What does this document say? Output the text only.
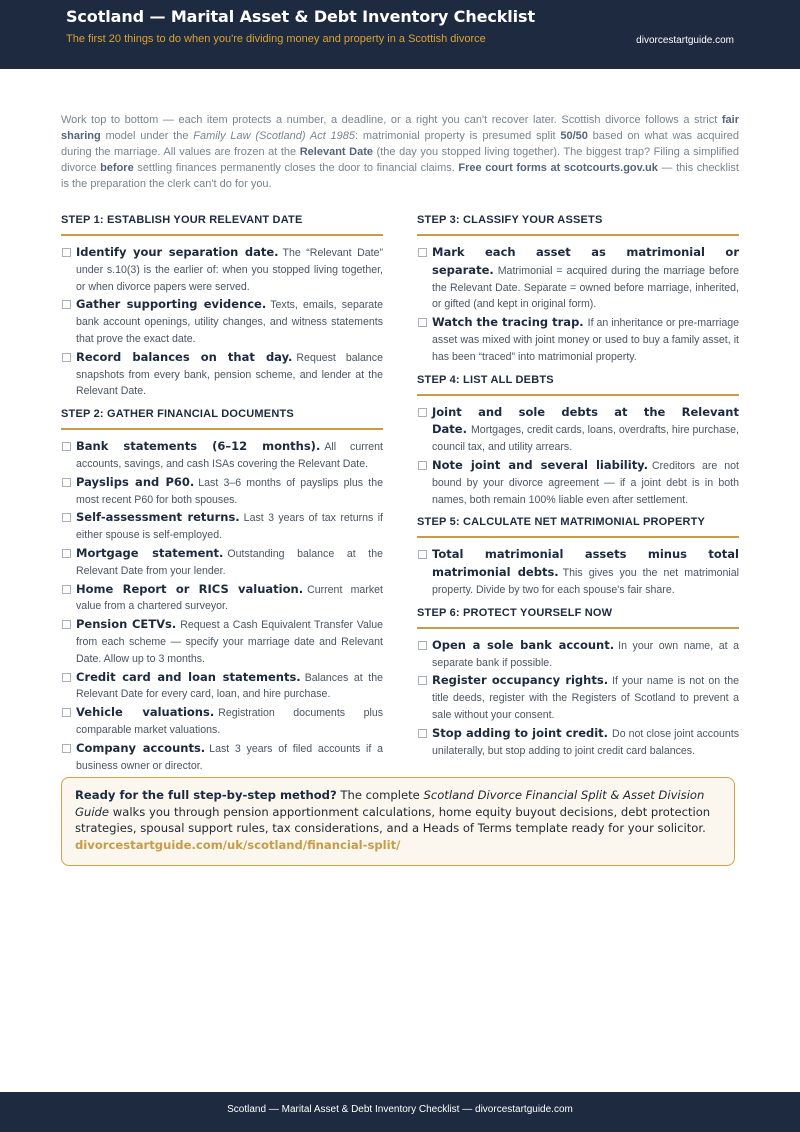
Scotland — Marital Asset & Debt Inventory Checklist
The first 20 things to do when you're dividing money and property in a Scottish divorce	divorcestartguide.com
Work top to bottom — each item protects a number, a deadline, or a right you can't recover later. Scottish divorce follows a strict fair sharing model under the Family Law (Scotland) Act 1985: matrimonial property is presumed split 50/50 based on what was acquired during the marriage. All values are frozen at the Relevant Date (the day you stopped living together). The biggest trap? Filing a simplified divorce before settling finances permanently closes the door to financial claims. Free court forms at scotcourts.gov.uk — this checklist is the preparation the clerk can't do for you.
STEP 1: ESTABLISH YOUR RELEVANT DATE
Identify your separation date. The “Relevant Date” under s.10(3) is the earlier of: when you stopped living together, or when divorce papers were served.
Gather supporting evidence. Texts, emails, separate bank account openings, utility changes, and witness statements that prove the exact date.
Record balances on that day. Request balance snapshots from every bank, pension scheme, and lender at the Relevant Date.
STEP 2: GATHER FINANCIAL DOCUMENTS
Bank statements (6–12 months). All current accounts, savings, and cash ISAs covering the Relevant Date.
Payslips and P60. Last 3–6 months of payslips plus the most recent P60 for both spouses.
Self-assessment returns. Last 3 years of tax returns if either spouse is self-employed.
Mortgage statement. Outstanding balance at the Relevant Date from your lender.
Home Report or RICS valuation. Current market value from a chartered surveyor.
Pension CETVs. Request a Cash Equivalent Transfer Value from each scheme — specify your marriage date and Relevant Date. Allow up to 3 months.
Credit card and loan statements. Balances at the Relevant Date for every card, loan, and hire purchase.
Vehicle valuations. Registration documents plus comparable market valuations.
Company accounts. Last 3 years of filed accounts if a business owner or director.
STEP 3: CLASSIFY YOUR ASSETS
Mark each asset as matrimonial or separate. Matrimonial = acquired during the marriage before the Relevant Date. Separate = owned before marriage, inherited, or gifted (and kept in original form).
Watch the tracing trap. If an inheritance or pre-marriage asset was mixed with joint money or used to buy a family asset, it has been “traced” into matrimonial property.
STEP 4: LIST ALL DEBTS
Joint and sole debts at the Relevant Date. Mortgages, credit cards, loans, overdrafts, hire purchase, council tax, and utility arrears.
Note joint and several liability. Creditors are not bound by your divorce agreement — if a joint debt is in both names, both remain 100% liable even after settlement.
STEP 5: CALCULATE NET MATRIMONIAL PROPERTY
Total matrimonial assets minus total matrimonial debts. This gives you the net matrimonial property. Divide by two for each spouse's fair share.
STEP 6: PROTECT YOURSELF NOW
Open a sole bank account. In your own name, at a separate bank if possible.
Register occupancy rights. If your name is not on the title deeds, register with the Registers of Scotland to prevent a sale without your consent.
Stop adding to joint credit. Do not close joint accounts unilaterally, but stop adding to joint credit card balances.
Ready for the full step-by-step method? The complete Scotland Divorce Financial Split & Asset Division Guide walks you through pension apportionment calculations, home equity buyout decisions, debt protection strategies, spousal support rules, tax considerations, and a Heads of Terms template ready for your solicitor.
divorcestartguide.com/uk/scotland/financial-split/
Scotland — Marital Asset & Debt Inventory Checklist — divorcestartguide.com
